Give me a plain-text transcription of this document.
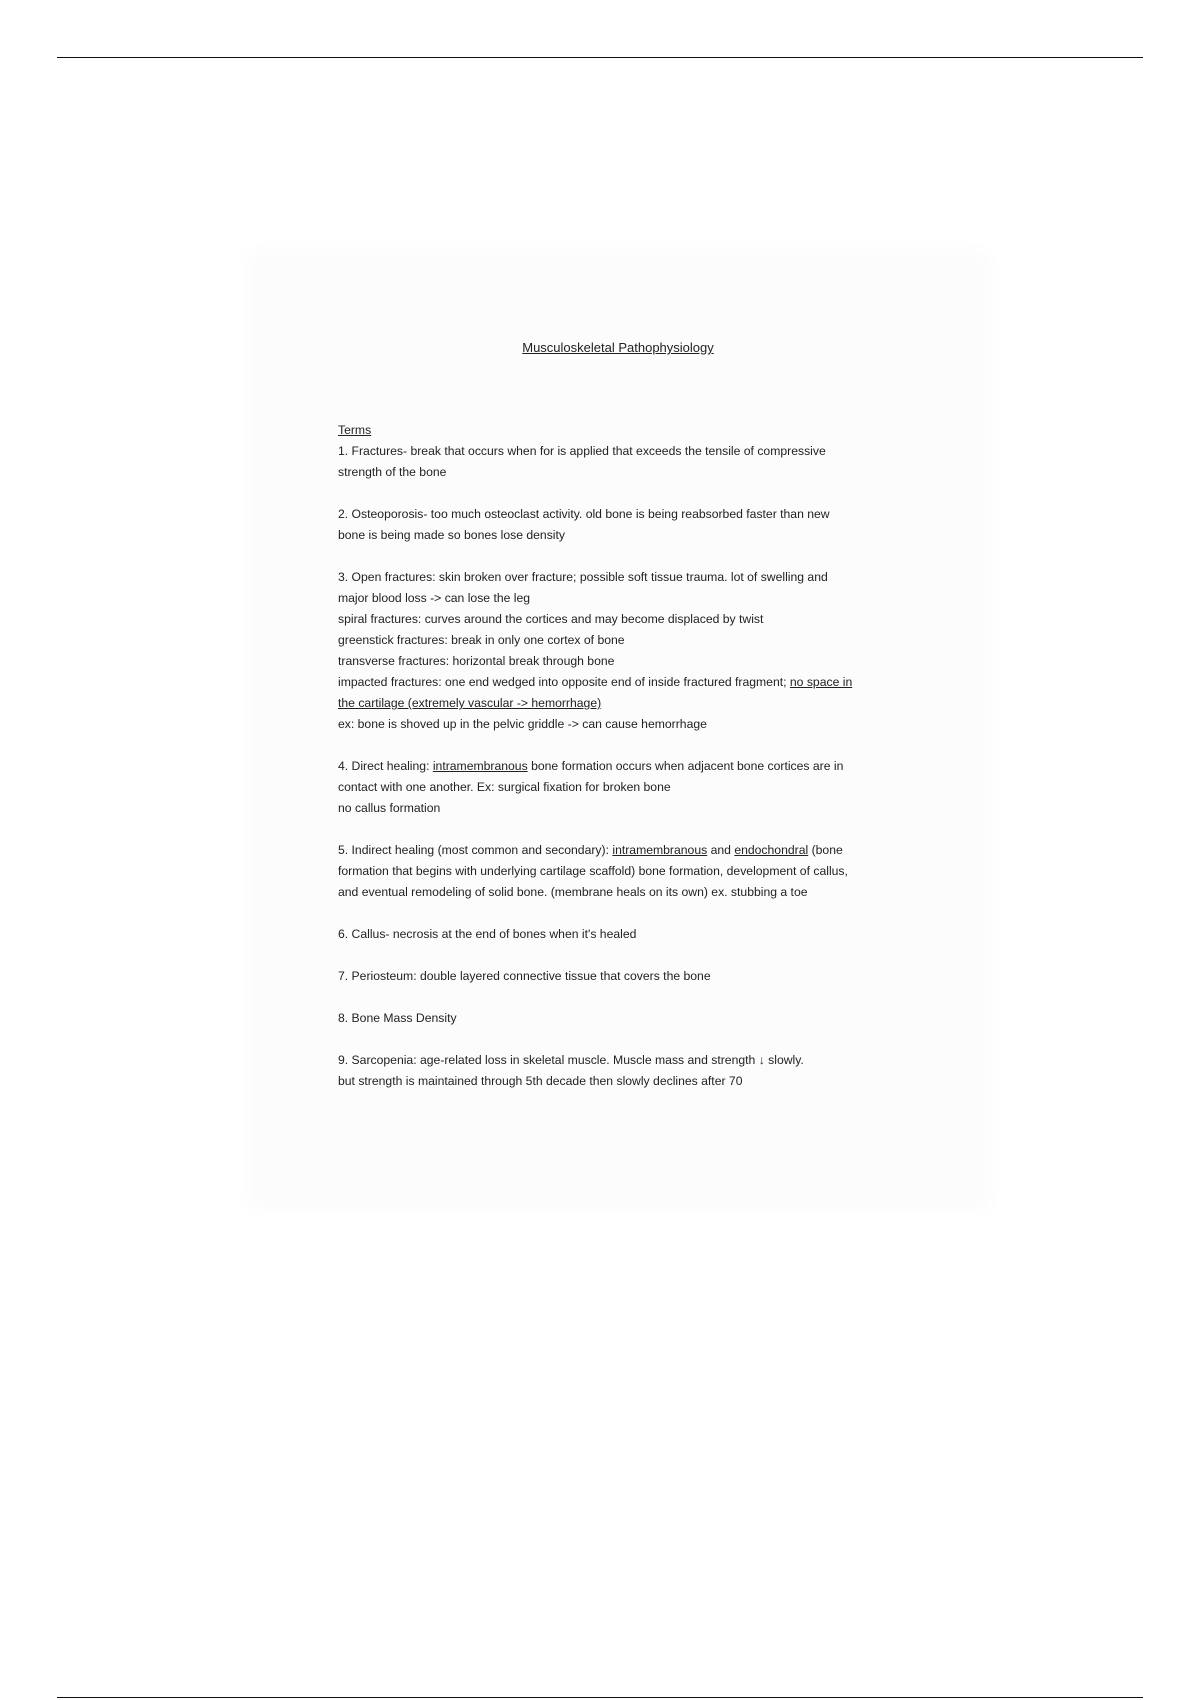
Musculoskeletal Pathophysiology
Terms
1. Fractures- break that occurs when for is applied that exceeds the tensile of compressive
strength of the bone
2. Osteoporosis- too much osteoclast activity. old bone is being reabsorbed faster than new
bone is being made so bones lose density
3. Open fractures: skin broken over fracture; possible soft tissue trauma. lot of swelling and
major blood loss -> can lose the leg
spiral fractures: curves around the cortices and may become displaced by twist
greenstick fractures: break in only one cortex of bone
transverse fractures: horizontal break through bone
impacted fractures: one end wedged into opposite end of inside fractured fragment; no space in
the cartilage (extremely vascular -> hemorrhage)
ex: bone is shoved up in the pelvic griddle -> can cause hemorrhage
4. Direct healing: intramembranous bone formation occurs when adjacent bone cortices are in
contact with one another. Ex: surgical fixation for broken bone
no callus formation
5. Indirect healing (most common and secondary): intramembranous and endochondral (bone
formation that begins with underlying cartilage scaffold) bone formation, development of callus,
and eventual remodeling of solid bone. (membrane heals on its own) ex. stubbing a toe
6. Callus- necrosis at the end of bones when it's healed
7. Periosteum: double layered connective tissue that covers the bone
8. Bone Mass Density
9. Sarcopenia: age-related loss in skeletal muscle. Muscle mass and strength ↓ slowly.
but strength is maintained through 5th decade then slowly declines after 70
